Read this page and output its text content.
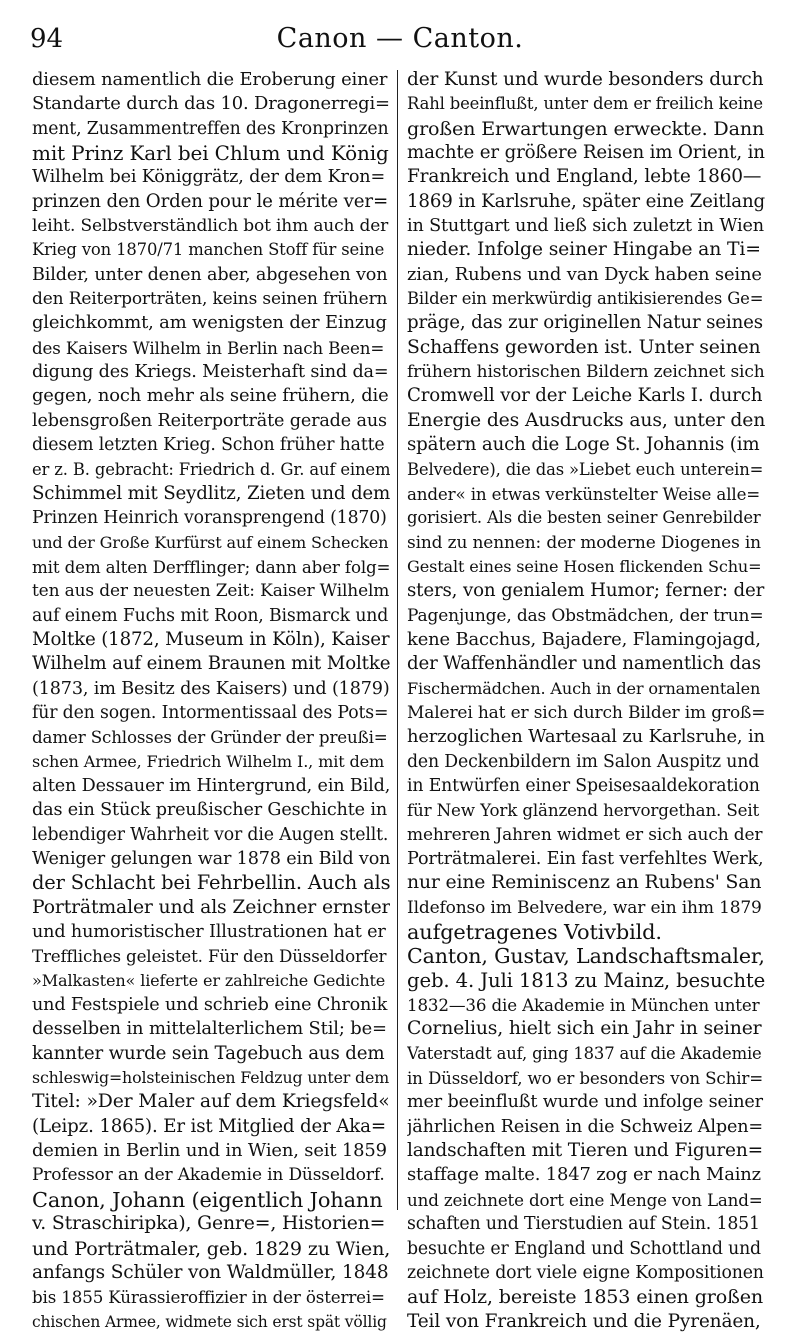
94	Canon — Canton.
diesem namentlich die Eroberung einer
Standarte durch das 10. Dragonerregi=
ment, Zusammentreffen des Kronprinzen
mit Prinz Karl bei Chlum und König
Wilhelm bei Königgrätz, der dem Kron=
prinzen den Orden pour le mérite ver=
leiht. Selbstverständlich bot ihm auch der
Krieg von 1870/71 manchen Stoff für seine
Bilder, unter denen aber, abgesehen von
den Reiterporträten, keins seinen frühern
gleichkommt, am wenigsten der Einzug
des Kaisers Wilhelm in Berlin nach Been=
digung des Kriegs. Meisterhaft sind da=
gegen, noch mehr als seine frühern, die
lebensgroßen Reiterporträte gerade aus
diesem letzten Krieg. Schon früher hatte
er z. B. gebracht: Friedrich d. Gr. auf einem
Schimmel mit Seydlitz, Zieten und dem
Prinzen Heinrich voransprengend (1870)
und der Große Kurfürst auf einem Schecken
mit dem alten Derfflinger; dann aber folg=
ten aus der neuesten Zeit: Kaiser Wilhelm
auf einem Fuchs mit Roon, Bismarck und
Moltke (1872, Museum in Köln), Kaiser
Wilhelm auf einem Braunen mit Moltke
(1873, im Besitz des Kaisers) und (1879)
für den sogen. Intormentissaal des Pots=
damer Schlosses der Gründer der preußi=
schen Armee, Friedrich Wilhelm I., mit dem
alten Dessauer im Hintergrund, ein Bild,
das ein Stück preußischer Geschichte in
lebendiger Wahrheit vor die Augen stellt.
Weniger gelungen war 1878 ein Bild von
der Schlacht bei Fehrbellin. Auch als
Porträtmaler und als Zeichner ernster
und humoristischer Illustrationen hat er
Treffliches geleistet. Für den Düsseldorfer
»Malkasten« lieferte er zahlreiche Gedichte
und Festspiele und schrieb eine Chronik
desselben in mittelalterlichem Stil; be=
kannter wurde sein Tagebuch aus dem
schleswig=holsteinischen Feldzug unter dem
Titel: »Der Maler auf dem Kriegsfeld«
(Leipz. 1865). Er ist Mitglied der Aka=
demien in Berlin und in Wien, seit 1859
Professor an der Akademie in Düsseldorf.
Canon, Johann (eigentlich Johann
v. Straschiripka), Genre=, Historien=
und Porträtmaler, geb. 1829 zu Wien,
anfangs Schüler von Waldmüller, 1848
bis 1855 Kürassieroffizier in der österrei=
chischen Armee, widmete sich erst spät völlig
der Kunst und wurde besonders durch
Rahl beeinflußt, unter dem er freilich keine
großen Erwartungen erweckte. Dann
machte er größere Reisen im Orient, in
Frankreich und England, lebte 1860—
1869 in Karlsruhe, später eine Zeitlang
in Stuttgart und ließ sich zuletzt in Wien
nieder. Infolge seiner Hingabe an Ti=
zian, Rubens und van Dyck haben seine
Bilder ein merkwürdig antikisierendes Ge=
präge, das zur originellen Natur seines
Schaffens geworden ist. Unter seinen
frühern historischen Bildern zeichnet sich
Cromwell vor der Leiche Karls I. durch
Energie des Ausdrucks aus, unter den
spätern auch die Loge St. Johannis (im
Belvedere), die das »Liebet euch unterein=
ander« in etwas verkünstelter Weise alle=
gorisiert. Als die besten seiner Genrebilder
sind zu nennen: der moderne Diogenes in
Gestalt eines seine Hosen flickenden Schu=
sters, von genialem Humor; ferner: der
Pagenjunge, das Obstmädchen, der trun=
kene Bacchus, Bajadere, Flamingojagd,
der Waffenhändler und namentlich das
Fischermädchen. Auch in der ornamentalen
Malerei hat er sich durch Bilder im groß=
herzoglichen Wartesaal zu Karlsruhe, in
den Deckenbildern im Salon Auspitz und
in Entwürfen einer Speisesaaldekoration
für New York glänzend hervorgethan. Seit
mehreren Jahren widmet er sich auch der
Porträtmalerei. Ein fast verfehltes Werk,
nur eine Reminiscenz an Rubens' San
Ildefonso im Belvedere, war ein ihm 1879
aufgetragenes Votivbild.
Canton, Gustav, Landschaftsmaler,
geb. 4. Juli 1813 zu Mainz, besuchte
1832—36 die Akademie in München unter
Cornelius, hielt sich ein Jahr in seiner
Vaterstadt auf, ging 1837 auf die Akademie
in Düsseldorf, wo er besonders von Schir=
mer beeinflußt wurde und infolge seiner
jährlichen Reisen in die Schweiz Alpen=
landschaften mit Tieren und Figuren=
staffage malte. 1847 zog er nach Mainz
und zeichnete dort eine Menge von Land=
schaften und Tierstudien auf Stein. 1851
besuchte er England und Schottland und
zeichnete dort viele eigne Kompositionen
auf Holz, bereiste 1853 einen großen
Teil von Frankreich und die Pyrenäen,
